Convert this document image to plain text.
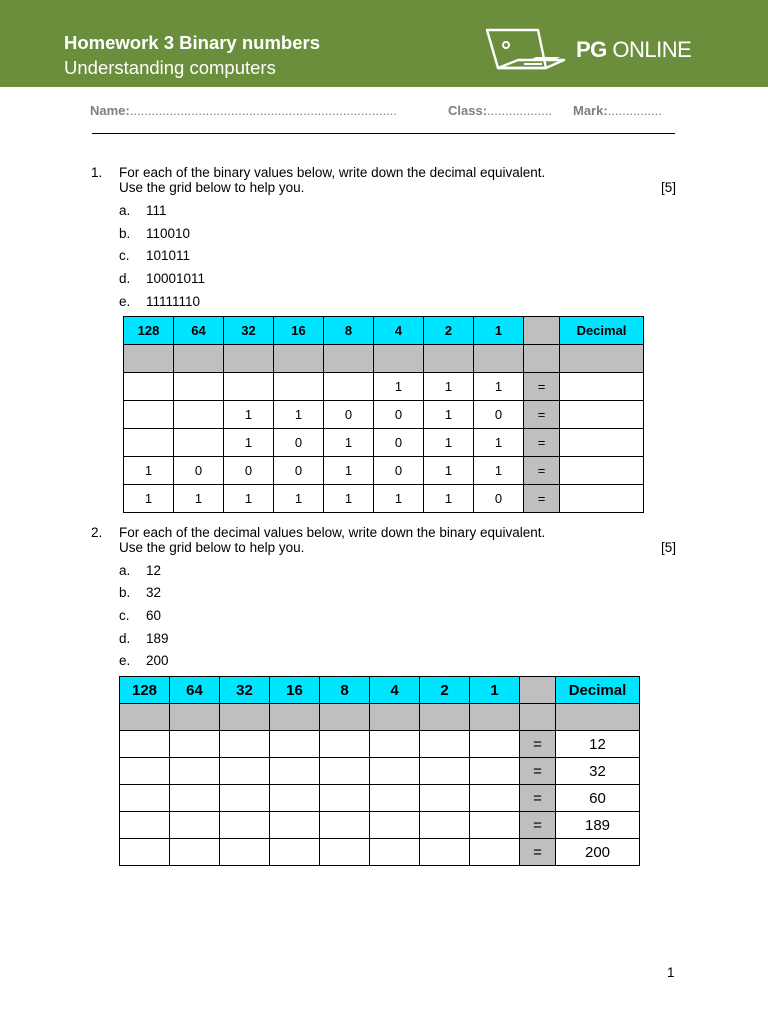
Homework 3 Binary numbers
Understanding computers
PG ONLINE
Name:..........................................................................	Class:.................. Mark:...............
1. For each of the binary values below, write down the decimal equivalent.
Use the grid below to help you.	[5]
a. 111
b. 110010
c. 101011
d. 10001011
e. 11111110
128	64	32	16	8	4	2	1		Decimal

					1	1	1	=	
		1	1	0	0	1	0	=	
		1	0	1	0	1	1	=	
1	0	0	0	1	0	1	1	=	
1	1	1	1	1	1	1	0	=	
2. For each of the decimal values below, write down the binary equivalent.
Use the grid below to help you.	[5]
a. 12
b. 32
c. 60
d. 189
e. 200
128	64	32	16	8	4	2	1		Decimal

								=	12
								=	32
								=	60
								=	189
								=	200
1
